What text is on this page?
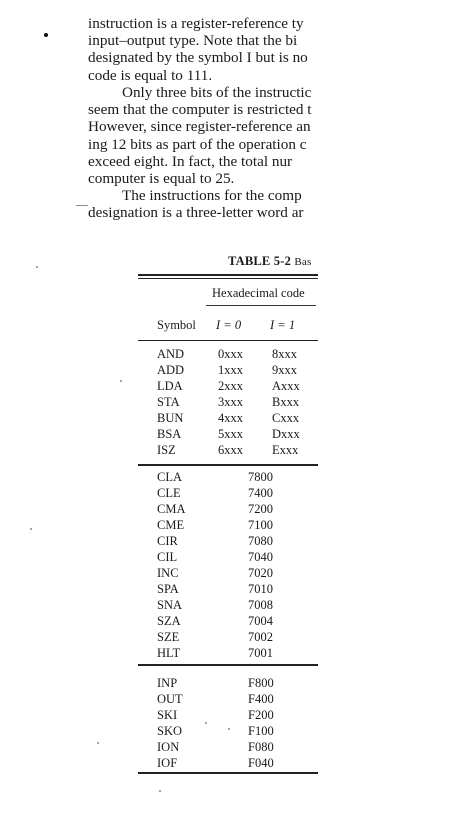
instruction is a register-reference ty
input–output type. Note that the bi
designated by the symbol I but is no
code is equal to 111.
Only three bits of the instructic
seem that the computer is restricted t
However, since register-reference an
ing 12 bits as part of the operation c
exceed eight. In fact, the total nur
computer is equal to 25.
The instructions for the comp
designation is a three-letter word ar
TABLE 5-2 Bas
Hexadecimal code
Symbol I = 0 I = 1
AND	0xxx 8xxx
ADD	1xxx 9xxx
LDA	2xxx Axxx
STA	3xxx Bxxx
BUN	4xxx Cxxx
BSA	5xxx Dxxx
ISZ	6xxx Exxx
CLA	7800
CLE	7400
CMA	7200
CME	7100
CIR	7080
CIL	7040
INC	7020
SPA	7010
SNA	7008
SZA	7004
SZE	7002
HLT	7001
INP	F800
OUT	F400
SKI	F200
SKO	F100
ION	F080
IOF	F040
